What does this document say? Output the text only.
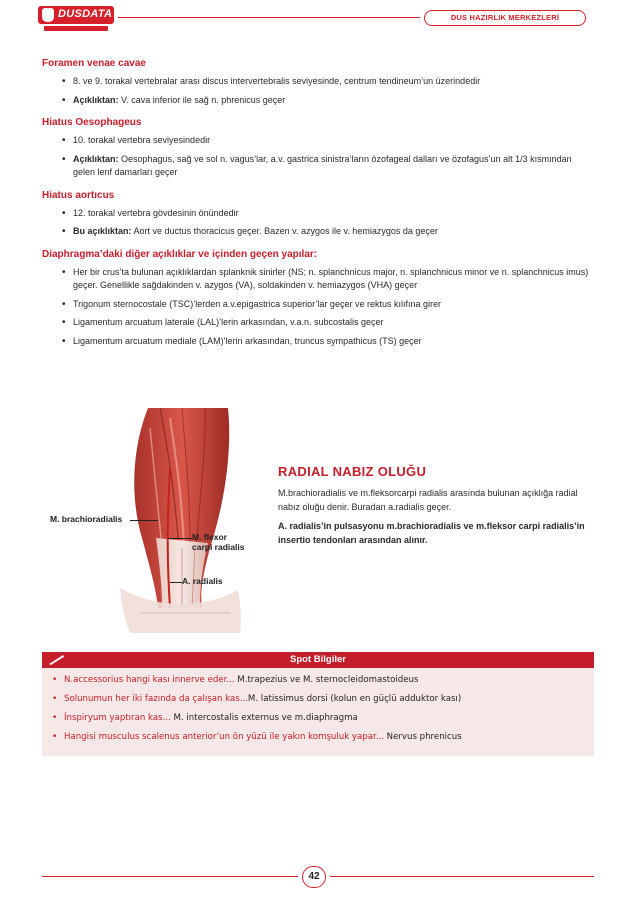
DUSDATA	DUS HAZIRLIK MERKEZLERİ
Foramen venae cavae
• 8. ve 9. torakal vertebralar arası discus intervertebralis seviyesinde, centrum tendineum’un üzerindedir
• Açıklıktan: V. cava inferior ile sağ n. phrenicus geçer
Hiatus Oesophageus
• 10. torakal vertebra seviyesindedir
• Açıklıktan: Oesophagus, sağ ve sol n. vagus’lar, a.v. gastrica sinistra’ların özofageal dalları ve özofagus’un alt 1/3 kısmından gelen lenf damarları geçer
Hiatus aortıcus
• 12. torakal vertebra gövdesinin önündedir
• Bu açıklıktan: Aort ve ductus thoracicus geçer. Bazen v. azygos ile v. hemiazygos da geçer
Diaphragma’daki diğer açıklıklar ve içinden geçen yapılar:
• Her bir crus’ta bulunan açıklıklardan splanknik sinirler (NS; n. splanchnicus major, n. splanchnicus minor ve n. splanchnicus imus) geçer. Genellikle sağdakinden v. azygos (VA), soldakinden v. hemiazygos (VHA) geçer
• Trigonum sternocostale (TSC)’lerden a.v.epigastrica superior’lar geçer ve rektus kılıfına girer
• Ligamentum arcuatum laterale (LAL)’lerin arkasından, v.a.n. subcostalis geçer
• Ligamentum arcuatum mediale (LAM)’lerin arkasından, truncus sympathicus (TS) geçer
M. brachioradialis
M. flexor
carpi radialis
A. radialis
RADIAL NABIZ OLUĞU

M.brachioradialis ve m.fleksorcarpi radialis arasında bulunan açıklığa radial nabız oluğu denir. Buradan a.radialis geçer.

A. radialis’in pulsasyonu m.brachioradialis ve m.fleksor carpi radialis’in insertio tendonları arasından alınır.

Spot Bilgiler
• N.accessorius hangi kası innerve eder... M.trapezius ve M. sternocleidomastoideus
• Solunumun her iki fazında da çalışan kas...M. latissimus dorsi (kolun en güçlü adduktor kası)
• İnspiryum yaptıran kas... M. intercostalis externus ve m.diaphragma
• Hangisi musculus scalenus anterior’un ön yüzü ile yakın komşuluk yapar... Nervus phrenicus
42
